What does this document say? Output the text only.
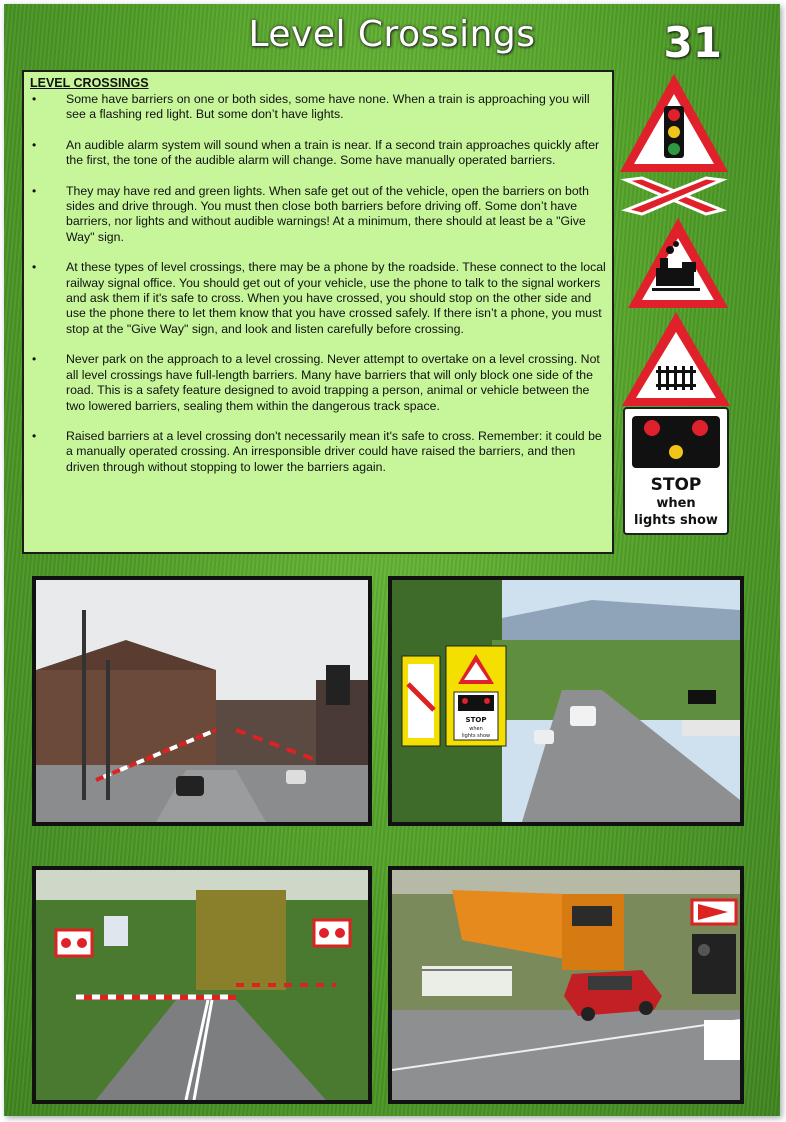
Level Crossings	31
LEVEL CROSSINGS
• Some have barriers on one or both sides, some have none. When a train is approaching you will see a flashing red light. But some don’t have lights.
• An audible alarm system will sound when a train is near. If a second train approaches quickly after the first, the tone of the audible alarm will change. Some have manually operated barriers.
• They may have red and green lights. When safe get out of the vehicle, open the barriers on both sides and drive through. You must then close both barriers before driving off. Some don’t have barriers, nor lights and without audible warnings! At a minimum, there should at least be a "Give Way" sign.
• At these types of level crossings, there may be a phone by the roadside. These connect to the local railway signal office. You should get out of your vehicle, use the phone to talk to the signal workers and ask them if it's safe to cross. When you have crossed, you should stop on the other side and use the phone there to let them know that you have crossed safely. If there isn’t a phone, you must stop at the "Give Way" sign, and look and listen carefully before crossing.
• Never park on the approach to a level crossing. Never attempt to overtake on a level crossing. Not all level crossings have full-length barriers. Many have barriers that will only block one side of the road. This is a safety feature designed to avoid trapping a person, animal or vehicle between the two lowered barriers, sealing them within the dangerous track space.
• Raised barriers at a level crossing don't necessarily mean it's safe to cross. Remember: it could be a manually operated crossing. An irresponsible driver could have raised the barriers, and then driven through without stopping to lower the barriers again.
STOP
when
lights show
STOP
when
lights show
